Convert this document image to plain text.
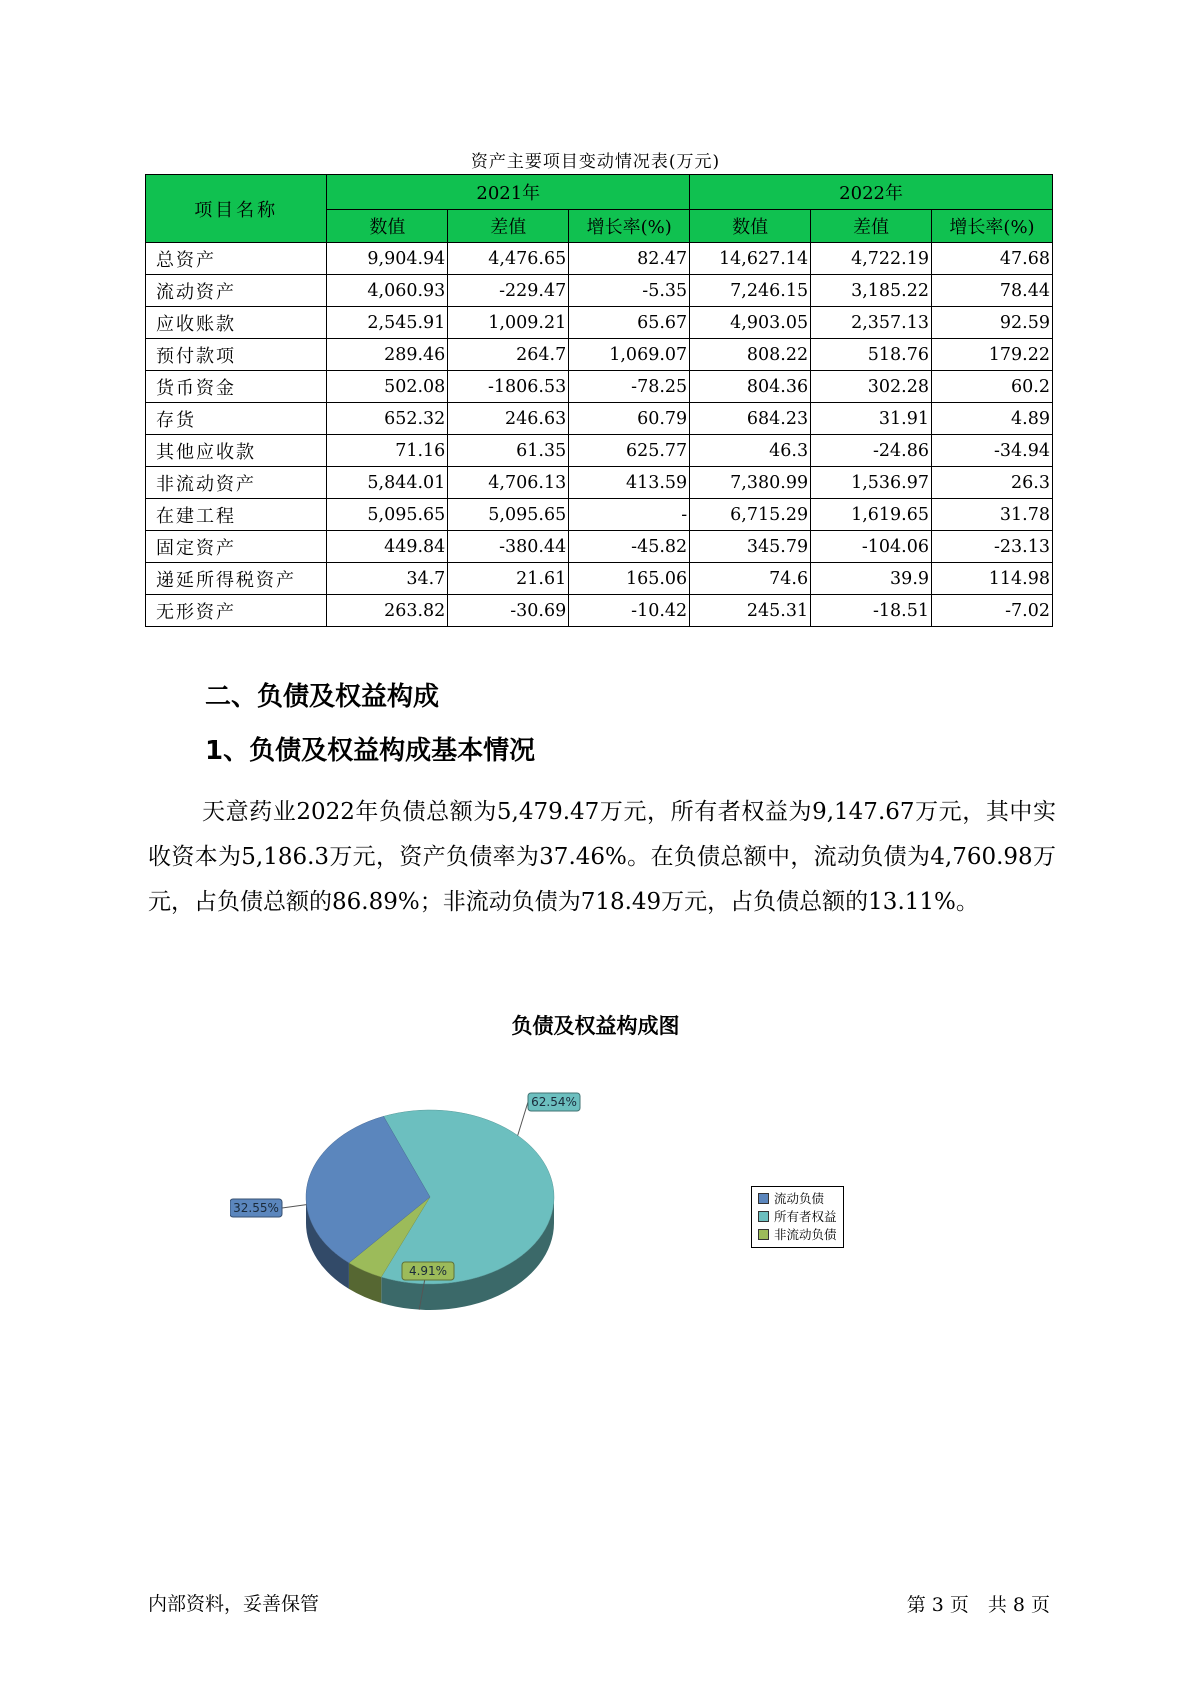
资产主要项目变动情况表(万元)
项目名称	2021年			2022年		
	数值	差值	增长率(%)	数值	差值	增长率(%)
总资产	9,904.94	4,476.65	82.47	14,627.14	4,722.19	47.68
流动资产	4,060.93	-229.47	-5.35	7,246.15	3,185.22	78.44
应收账款	2,545.91	1,009.21	65.67	4,903.05	2,357.13	92.59
预付款项	289.46	264.7	1,069.07	808.22	518.76	179.22
货币资金	502.08	-1806.53	-78.25	804.36	302.28	60.2
存货	652.32	246.63	60.79	684.23	31.91	4.89
其他应收款	71.16	61.35	625.77	46.3	-24.86	-34.94
非流动资产	5,844.01	4,706.13	413.59	7,380.99	1,536.97	26.3
在建工程	5,095.65	5,095.65	-	6,715.29	1,619.65	31.78
固定资产	449.84	-380.44	-45.82	345.79	-104.06	-23.13
递延所得税资产	34.7	21.61	165.06	74.6	39.9	114.98
无形资产	263.82	-30.69	-10.42	245.31	-18.51	-7.02
二、负债及权益构成
1、负债及权益构成基本情况
天意药业2022年负债总额为5,479.47万元，所有者权益为9,147.67万元，其中实收资本为5,186.3万元，资产负债率为37.46%。在负债总额中，流动负债为4,760.98万元，占负债总额的86.89%；非流动负债为718.49万元，占负债总额的13.11%。
负债及权益构成图
62.54%
4.91%
32.55%
流动负债
所有者权益
非流动负债
内部资料，妥善保管	第 3 页　共 8 页
